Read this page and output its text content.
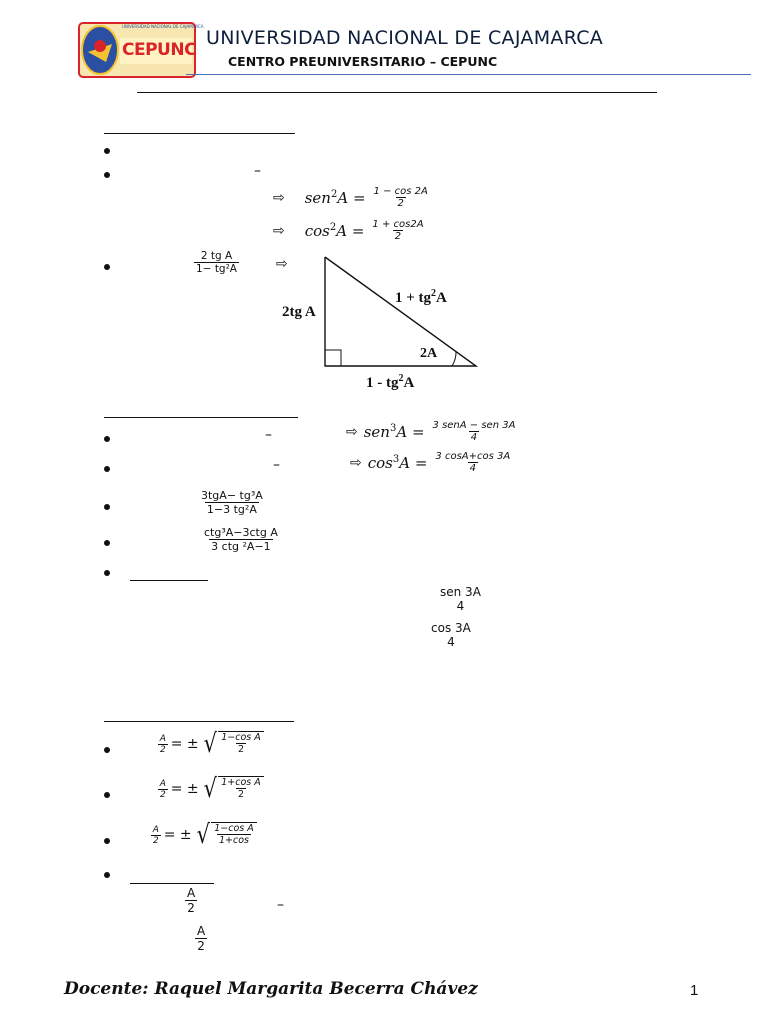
UNIVERSIDAD NACIONAL DE CAJAMARCA
CEPUNC
UNIVERSIDAD NACIONAL DE CAJAMARCA
CENTRO PREUNIVERSITARIO – CEPUNC
–
⇨ $sen^2A = \frac{1 - \cos 2A}{2}$
⇨ $\cos^2A = \frac{1 + \cos 2A}{2}$
$\frac{\text{2 tg A}}{\text{1− tg²A}}$	⇨
2tg A
$1 + tg^2A$
2A
$1 - tg^2A$
–	⇨ $sen^3A = \frac{\text{3 senA − sen 3A}}{4}$
–	⇨ $\cos^3A = \frac{3 \cos A+\cos 3A}{4}$
3tgA− tg³A
1−3 tg²A
ctg³A−3ctg A
3 ctg ²A−1
sen 3A
4
cos 3A
4
$\frac{A}{2}$ = ± √ $\frac{\text{1−cos A}}{2}$
$\frac{A}{2}$ = ± √ $\frac{\text{1+cos A}}{2}$
$\frac{A}{2}$ = ± √ $\frac{\text{1−cos A}}{1+\cos}$
$\frac{A}{2}$	–
$\frac{A}{2}$
Docente: Raquel Margarita Becerra Chávez	1
